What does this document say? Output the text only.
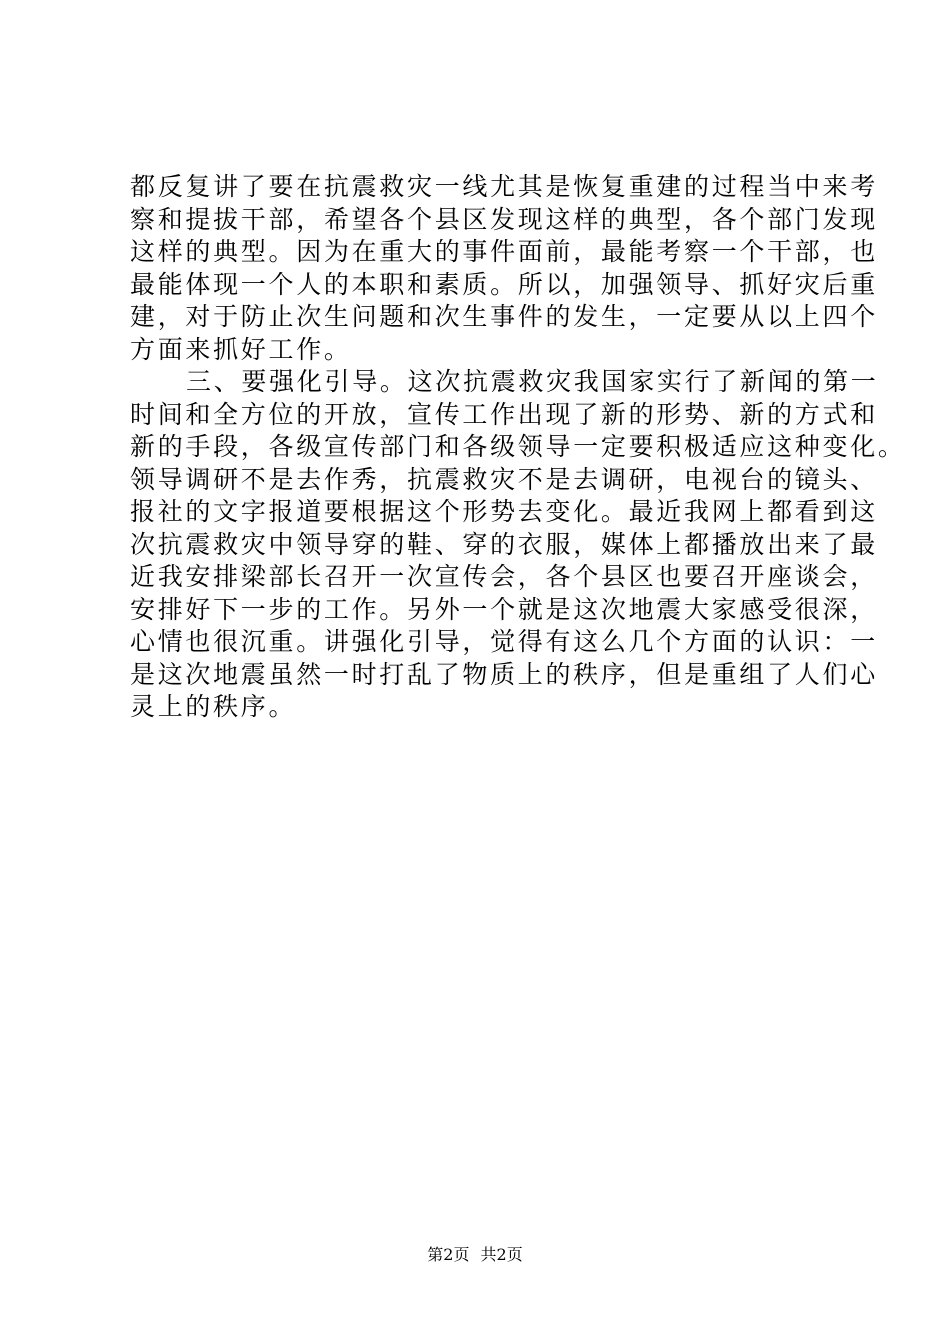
都反复讲了要在抗震救灾一线尤其是恢复重建的过程当中来考
察和提拔干部，希望各个县区发现这样的典型，各个部门发现
这样的典型。因为在重大的事件面前，最能考察一个干部，也
最能体现一个人的本职和素质。所以，加强领导、抓好灾后重
建，对于防止次生问题和次生事件的发生，一定要从以上四个
方面来抓好工作。
三、要强化引导。这次抗震救灾我国家实行了新闻的第一
时间和全方位的开放，宣传工作出现了新的形势、新的方式和
新的手段，各级宣传部门和各级领导一定要积极适应这种变化。
领导调研不是去作秀，抗震救灾不是去调研，电视台的镜头、
报社的文字报道要根据这个形势去变化。最近我网上都看到这
次抗震救灾中领导穿的鞋、穿的衣服，媒体上都播放出来了最
近我安排梁部长召开一次宣传会，各个县区也要召开座谈会，
安排好下一步的工作。另外一个就是这次地震大家感受很深，
心情也很沉重。讲强化引导，觉得有这么几个方面的认识：一
是这次地震虽然一时打乱了物质上的秩序，但是重组了人们心
灵上的秩序。
第2页 共2页
